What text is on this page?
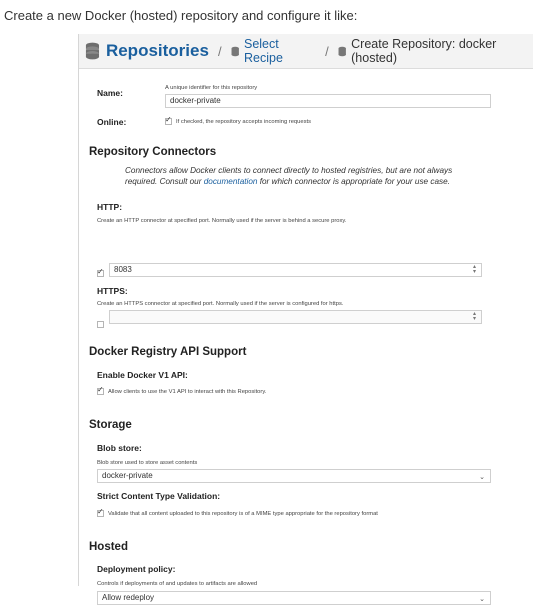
Create a new Docker (hosted) repository and configure it like:
Repositories / Select Recipe	/ Create Repository: docker (hosted)
Name:	A unique identifier for this repository
docker-private
Online:	✓ If checked, the repository accepts incoming requests
Repository Connectors
Connectors allow Docker clients to connect directly to hosted registries, but are not always required. Consult our documentation for which connector is appropriate for your use case.
HTTP:
Create an HTTP connector at specified port. Normally used if the server is behind a secure proxy.
✓	8083	▴
▾
HTTPS:
Create an HTTPS connector at specified port. Normally used if the server is configured for https.
▴
▾
Docker Registry API Support
Enable Docker V1 API:
✓ Allow clients to use the V1 API to interact with this Repository.
Storage
Blob store:
Blob store used to store asset contents
docker-private	⌄
Strict Content Type Validation:
✓ Validate that all content uploaded to this repository is of a MIME type appropriate for the repository format
Hosted
Deployment policy:
Controls if deployments of and updates to artifacts are allowed
Allow redeploy	⌄
